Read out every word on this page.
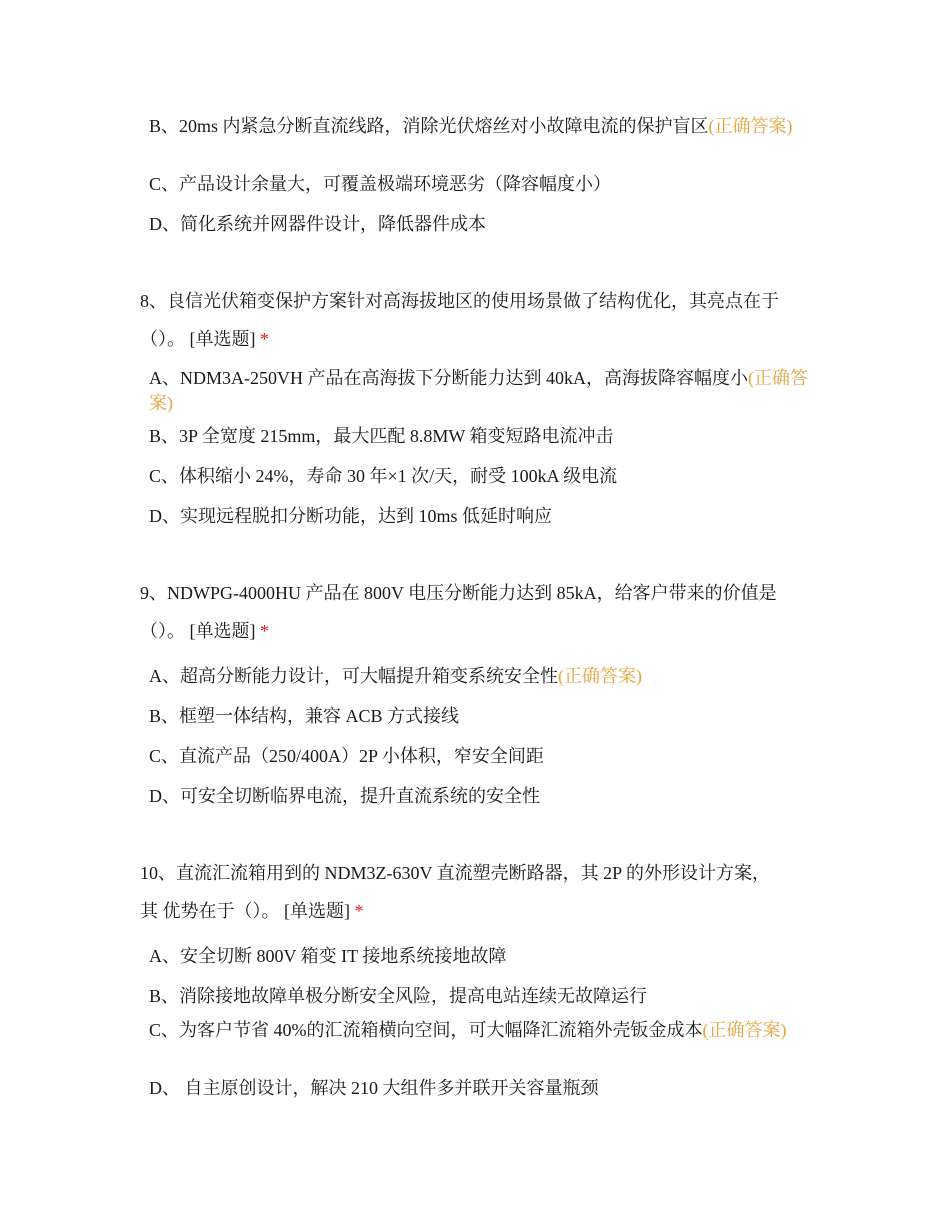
B、20ms 内紧急分断直流线路，消除光伏熔丝对小故障电流的保护盲区(正确答案)
C、产品设计余量大，可覆盖极端环境恶劣（降容幅度小）
D、简化系统并网器件设计，降低器件成本
8、良信光伏箱变保护方案针对高海拔地区的使用场景做了结构优化，其亮点在于
（）。 [单选题] *
A、NDM3A-250VH 产品在高海拔下分断能力达到 40kA，高海拔降容幅度小(正确答案)
B、3P 全宽度 215mm，最大匹配 8.8MW 箱变短路电流冲击
C、体积缩小 24%，寿命 30 年×1 次/天，耐受 100kA 级电流
D、实现远程脱扣分断功能，达到 10ms 低延时响应
9、NDWPG-4000HU 产品在 800V 电压分断能力达到 85kA，给客户带来的价值是
（）。 [单选题] *
A、超高分断能力设计，可大幅提升箱变系统安全性(正确答案)
B、框塑一体结构，兼容 ACB 方式接线
C、直流产品（250/400A）2P 小体积，窄安全间距
D、可安全切断临界电流，提升直流系统的安全性
10、直流汇流箱用到的 NDM3Z-630V 直流塑壳断路器，其 2P 的外形设计方案，
其 优势在于（）。 [单选题] *
A、安全切断 800V 箱变 IT 接地系统接地故障
B、消除接地故障单极分断安全风险，提高电站连续无故障运行
C、为客户节省 40%的汇流箱横向空间，可大幅降汇流箱外壳钣金成本(正确答案)
D、 自主原创设计，解决 210 大组件多并联开关容量瓶颈
